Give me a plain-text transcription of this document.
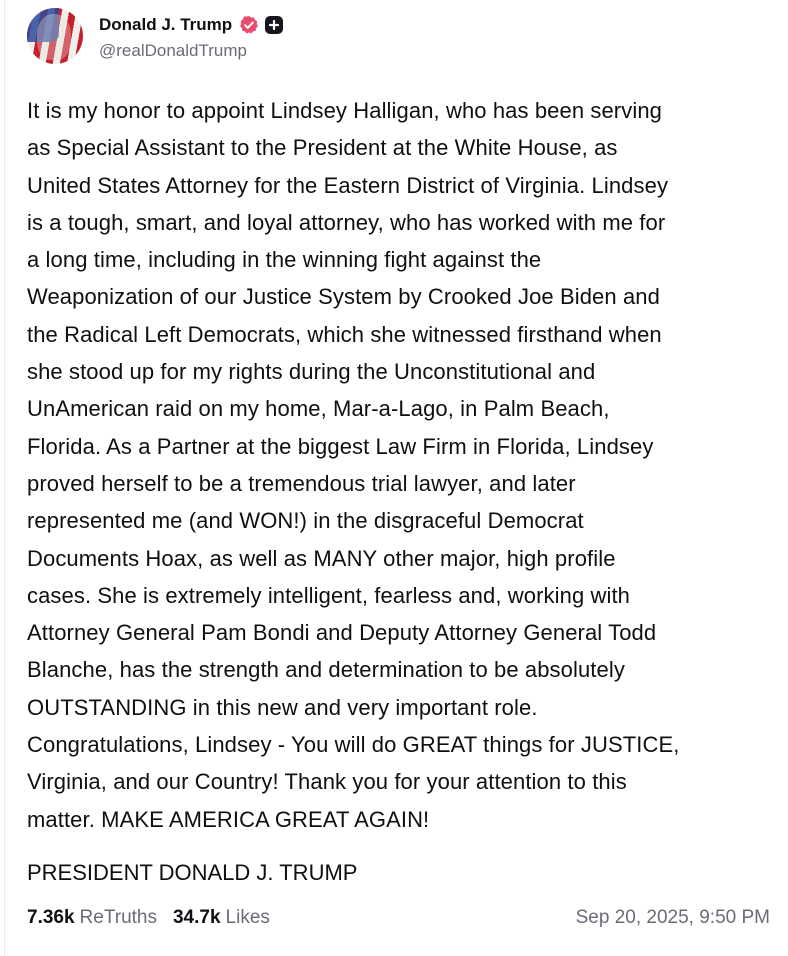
Donald J. Trump
@realDonaldTrump
It is my honor to appoint Lindsey Halligan, who has been serving
as Special Assistant to the President at the White House, as
United States Attorney for the Eastern District of Virginia. Lindsey
is a tough, smart, and loyal attorney, who has worked with me for
a long time, including in the winning fight against the
Weaponization of our Justice System by Crooked Joe Biden and
the Radical Left Democrats, which she witnessed firsthand when
she stood up for my rights during the Unconstitutional and
UnAmerican raid on my home, Mar-a-Lago, in Palm Beach,
Florida. As a Partner at the biggest Law Firm in Florida, Lindsey
proved herself to be a tremendous trial lawyer, and later
represented me (and WON!) in the disgraceful Democrat
Documents Hoax, as well as MANY other major, high profile
cases. She is extremely intelligent, fearless and, working with
Attorney General Pam Bondi and Deputy Attorney General Todd
Blanche, has the strength and determination to be absolutely
OUTSTANDING in this new and very important role.
Congratulations, Lindsey - You will do GREAT things for JUSTICE,
Virginia, and our Country! Thank you for your attention to this
matter. MAKE AMERICA GREAT AGAIN!
PRESIDENT DONALD J. TRUMP
7.36k ReTruths 34.7k Likes	Sep 20, 2025, 9:50 PM
